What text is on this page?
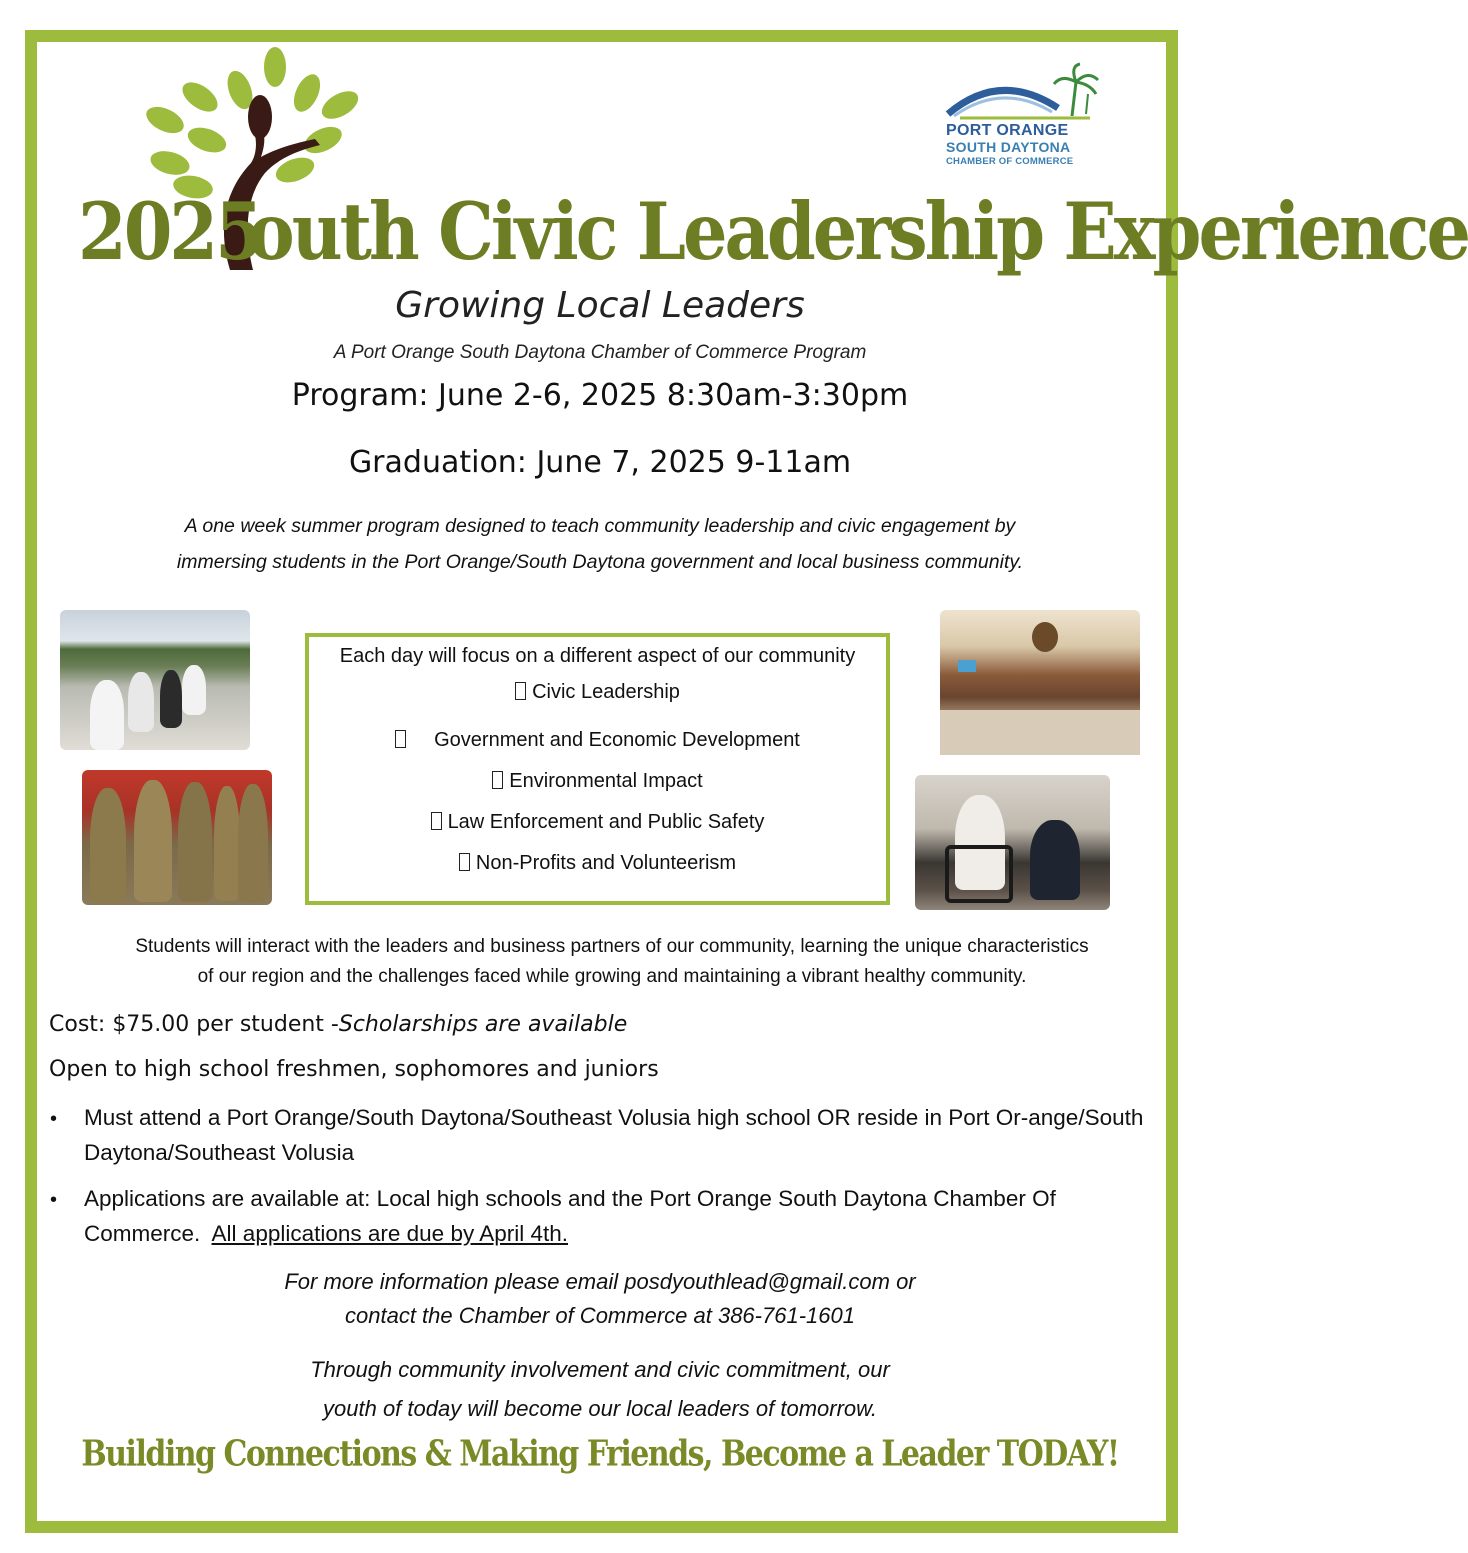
PORT ORANGE
SOUTH DAYTONA
CHAMBER OF COMMERCE
2025outh Civic Leadership Experience
Growing Local Leaders
A Port Orange South Daytona Chamber of Commerce Program
Program: June 2-6, 2025 8:30am-3:30pm
Graduation: June 7, 2025 9-11am
A one week summer program designed to teach community leadership and civic engagement by
immersing students in the Port Orange/South Daytona government and local business community.
Each day will focus on a different aspect of our community
Civic Leadership
Government and Economic Development
Environmental Impact
Law Enforcement and Public Safety
Non-Profits and Volunteerism
Students will interact with the leaders and business partners of our community, learning the unique characteristics
of our region and the challenges faced while growing and maintaining a vibrant healthy community.
Cost: $75.00 per student -Scholarships are available
Open to high school freshmen, sophomores and juniors
• Must attend a Port Orange/South Daytona/Southeast Volusia high school OR reside in Port Or-ange/South Daytona/Southeast Volusia
• Applications are available at: Local high schools and the Port Orange South Daytona Chamber Of Commerce. All applications are due by April 4th.
For more information please email posdyouthlead@gmail.com or
contact the Chamber of Commerce at 386-761-1601
Through community involvement and civic commitment, our
youth of today will become our local leaders of tomorrow.
Building Connections & Making Friends, Become a Leader TODAY!
